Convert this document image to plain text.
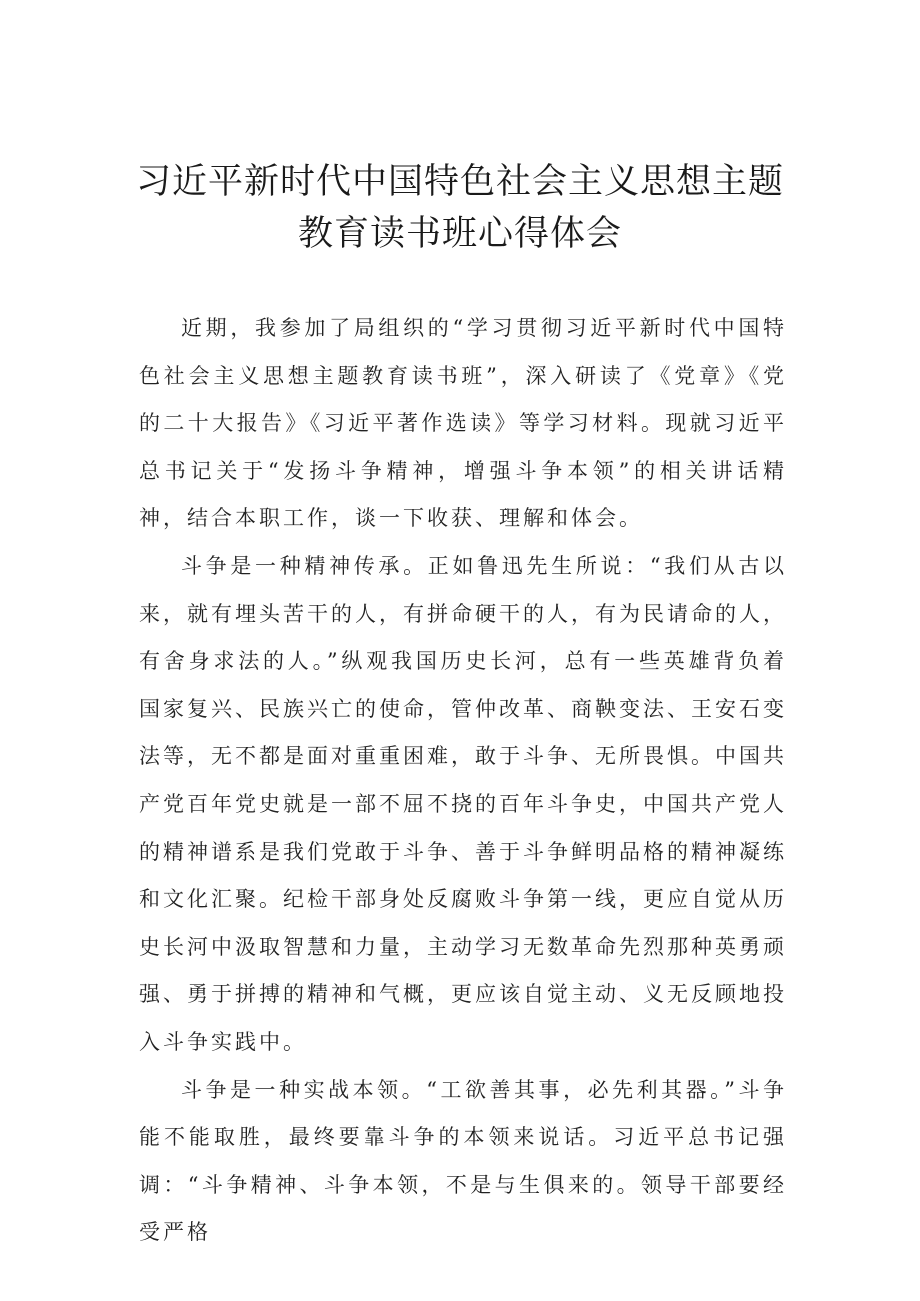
习近平新时代中国特色社会主义思想主题
教育读书班心得体会

近期，我参加了局组织的“学习贯彻习近平新时代中国特色社会主义思想主题教育读书班”，深入研读了《党章》《党的二十大报告》《习近平著作选读》等学习材料。现就习近平总书记关于“发扬斗争精神，增强斗争本领”的相关讲话精神，结合本职工作，谈一下收获、理解和体会。

斗争是一种精神传承。正如鲁迅先生所说：“我们从古以来，就有埋头苦干的人，有拼命硬干的人，有为民请命的人，有舍身求法的人。”纵观我国历史长河，总有一些英雄背负着国家复兴、民族兴亡的使命，管仲改革、商鞅变法、王安石变法等，无不都是面对重重困难，敢于斗争、无所畏惧。中国共产党百年党史就是一部不屈不挠的百年斗争史，中国共产党人的精神谱系是我们党敢于斗争、善于斗争鲜明品格的精神凝练和文化汇聚。纪检干部身处反腐败斗争第一线，更应自觉从历史长河中汲取智慧和力量，主动学习无数革命先烈那种英勇顽强、勇于拼搏的精神和气概，更应该自觉主动、义无反顾地投入斗争实践中。

斗争是一种实战本领。“工欲善其事，必先利其器。”斗争能不能取胜，最终要靠斗争的本领来说话。习近平总书记强调：“斗争精神、斗争本领，不是与生俱来的。领导干部要经受严格
